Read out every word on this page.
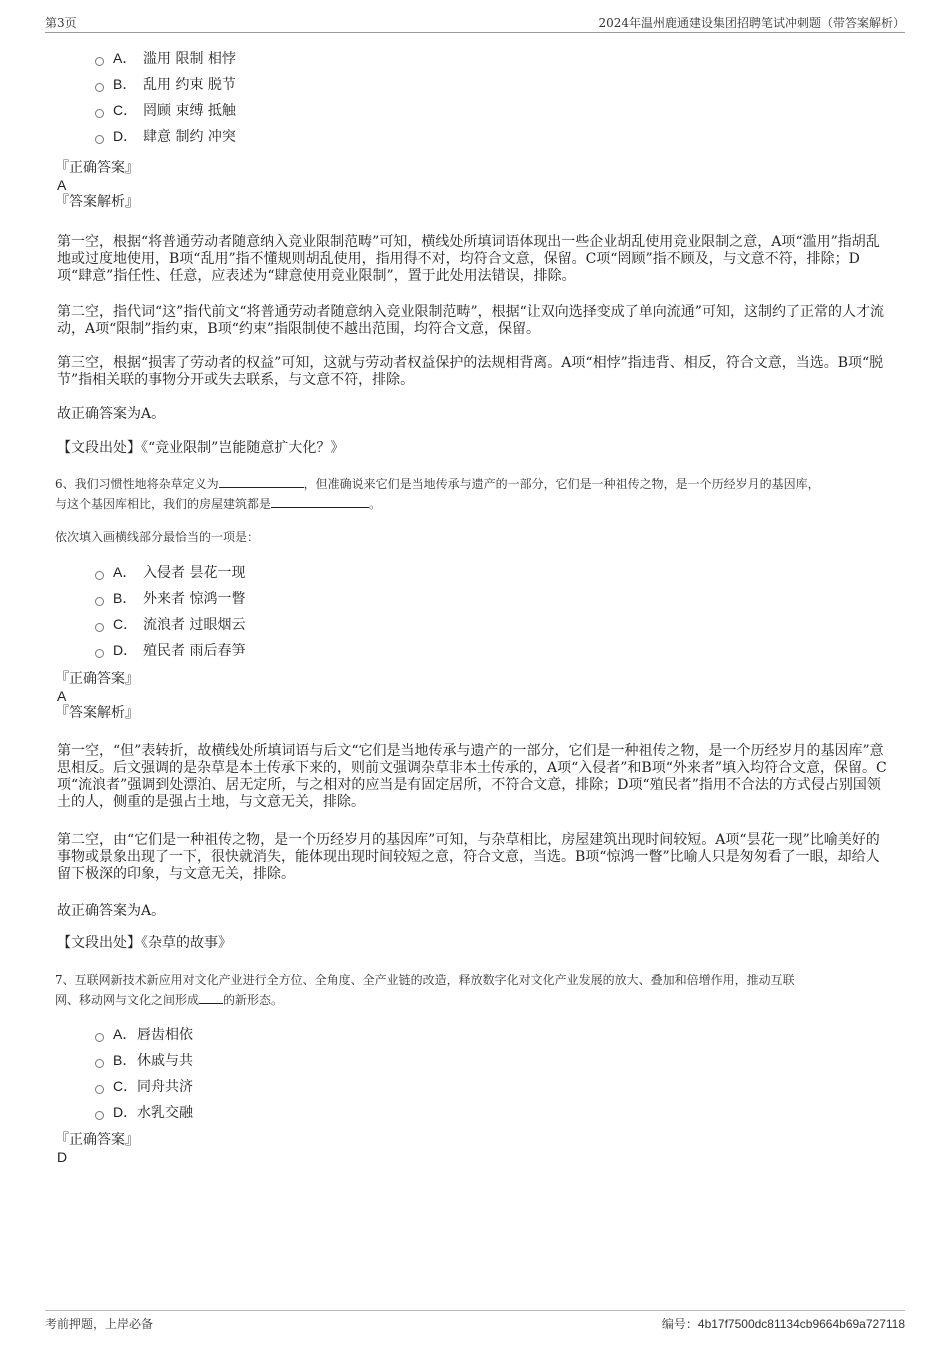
第3页	2024年温州鹿通建设集团招聘笔试冲刺题（带答案解析）
A． 滥用 限制 相悖
B． 乱用 约束 脱节
C． 罔顾 束缚 抵触
D． 肆意 制约 冲突
『正确答案』
A
『答案解析』
第一空，根据“将普通劳动者随意纳入竞业限制范畴”可知，横线处所填词语体现出一些企业胡乱使用竞业限制之意，A项“滥用”指胡乱地或过度地使用，B项“乱用”指不懂规则胡乱使用，指用得不对，均符合文意，保留。C项“罔顾”指不顾及，与文意不符，排除；D项“肆意”指任性、任意，应表述为“肆意使用竞业限制”，置于此处用法错误，排除。
第二空，指代词“这”指代前文“将普通劳动者随意纳入竞业限制范畴”，根据“让双向选择变成了单向流通”可知，这制约了正常的人才流动，A项“限制”指约束，B项“约束”指限制使不越出范围，均符合文意，保留。
第三空，根据“损害了劳动者的权益”可知，这就与劳动者权益保护的法规相背离。A项“相悖”指违背、相反，符合文意，当选。B项“脱节”指相关联的事物分开或失去联系，与文意不符，排除。
故正确答案为A。
【文段出处】《“竞业限制”岂能随意扩大化？》
6、我们习惯性地将杂草定义为	，但准确说来它们是当地传承与遗产的一部分，它们是一种祖传之物，是一个历经岁月的基因库，
与这个基因库相比，我们的房屋建筑都是	。
依次填入画横线部分最恰当的一项是：
A． 入侵者 昙花一现
B． 外来者 惊鸿一瞥
C． 流浪者 过眼烟云
D． 殖民者 雨后春笋
『正确答案』
A
『答案解析』
第一空，“但”表转折，故横线处所填词语与后文“它们是当地传承与遗产的一部分，它们是一种祖传之物，是一个历经岁月的基因库”意思相反。后文强调的是杂草是本土传承下来的，则前文强调杂草非本土传承的，A项“入侵者”和B项“外来者”填入均符合文意，保留。C项“流浪者”强调到处漂泊、居无定所，与之相对的应当是有固定居所，不符合文意，排除；D项“殖民者”指用不合法的方式侵占别国领土的人，侧重的是强占土地，与文意无关，排除。
第二空，由“它们是一种祖传之物，是一个历经岁月的基因库”可知，与杂草相比，房屋建筑出现时间较短。A项“昙花一现”比喻美好的事物或景象出现了一下，很快就消失，能体现出现时间较短之意，符合文意，当选。B项“惊鸿一瞥”比喻人只是匆匆看了一眼，却给人留下极深的印象，与文意无关，排除。
故正确答案为A。
【文段出处】《杂草的故事》
7、互联网新技术新应用对文化产业进行全方位、全角度、全产业链的改造，释放数字化对文化产业发展的放大、叠加和倍增作用，推动互联
网、移动网与文化之间形成 的新形态。
A． 唇齿相依
B． 休戚与共
C． 同舟共济
D． 水乳交融
『正确答案』
D
考前押题，上岸必备	编号：4b17f7500dc81134cb9664b69a727118
